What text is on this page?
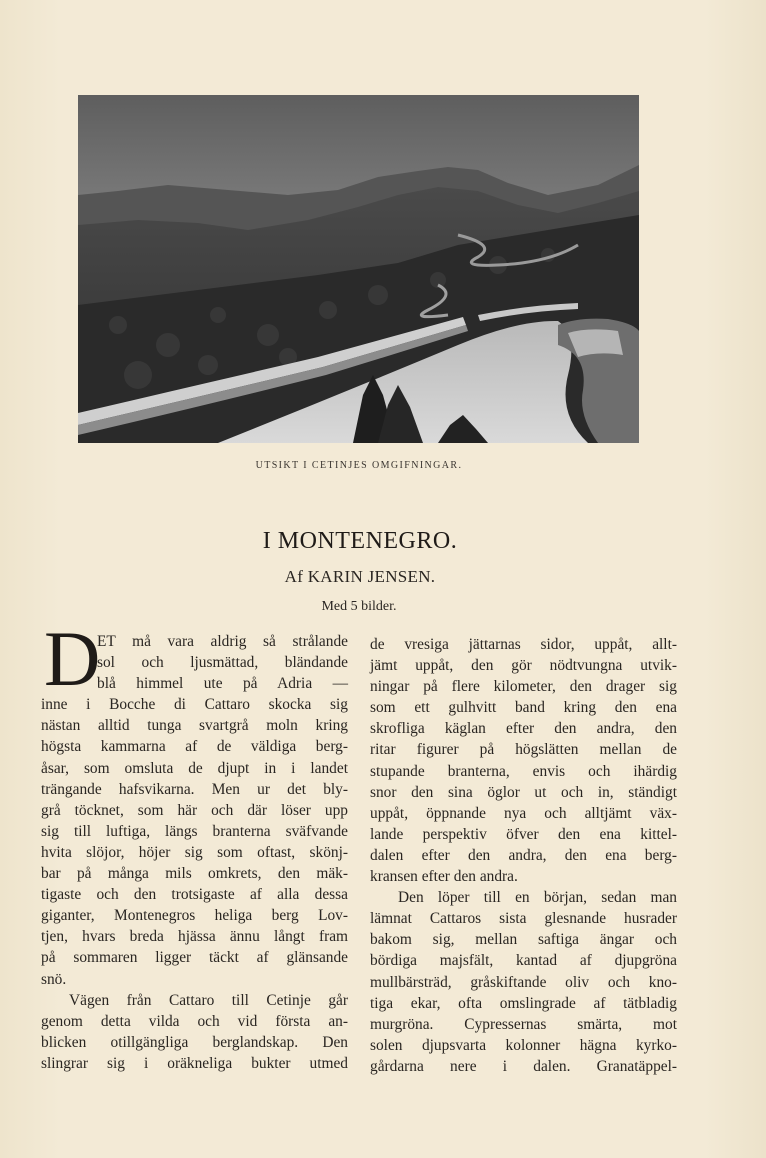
UTSIKT I CETINJES OMGIFNINGAR.
I MONTENEGRO.
Af KARIN JENSEN.
Med 5 bilder.
D
ET må vara aldrig så strålande
sol och ljusmättad, bländande
blå himmel ute på Adria —
inne i Bocche di Cattaro skocka sig
nästan alltid tunga svartgrå moln kring
högsta kammarna af de väldiga berg-
åsar, som omsluta de djupt in i landet
trängande hafsvikarna. Men ur det bly-
grå töcknet, som här och där löser upp
sig till luftiga, längs branterna sväfvande
hvita slöjor, höjer sig som oftast, skönj-
bar på många mils omkrets, den mäk-
tigaste och den trotsigaste af alla dessa
giganter, Montenegros heliga berg Lov-
tjen, hvars breda hjässa ännu långt fram
på sommaren ligger täckt af glänsande
snö.
Vägen från Cattaro till Cetinje går
genom detta vilda och vid första an-
blicken otillgängliga berglandskap. Den
slingrar sig i oräkneliga bukter utmed
de vresiga jättarnas sidor, uppåt, allt-
jämt uppåt, den gör nödtvungna utvik-
ningar på flere kilometer, den drager sig
som ett gulhvitt band kring den ena
skrofliga käglan efter den andra, den
ritar figurer på högslätten mellan de
stupande branterna, envis och ihärdig
snor den sina öglor ut och in, ständigt
uppåt, öppnande nya och alltjämt väx-
lande perspektiv öfver den ena kittel-
dalen efter den andra, den ena berg-
kransen efter den andra.
Den löper till en början, sedan man
lämnat Cattaros sista glesnande husrader
bakom sig, mellan saftiga ängar och
bördiga majsfält, kantad af djupgröna
mullbärsträd, gråskiftande oliv och kno-
tiga ekar, ofta omslingrade af tätbladig
murgröna. Cypressernas smärta, mot
solen djupsvarta kolonner hägna kyrko-
gårdarna nere i dalen. Granatäppel-
